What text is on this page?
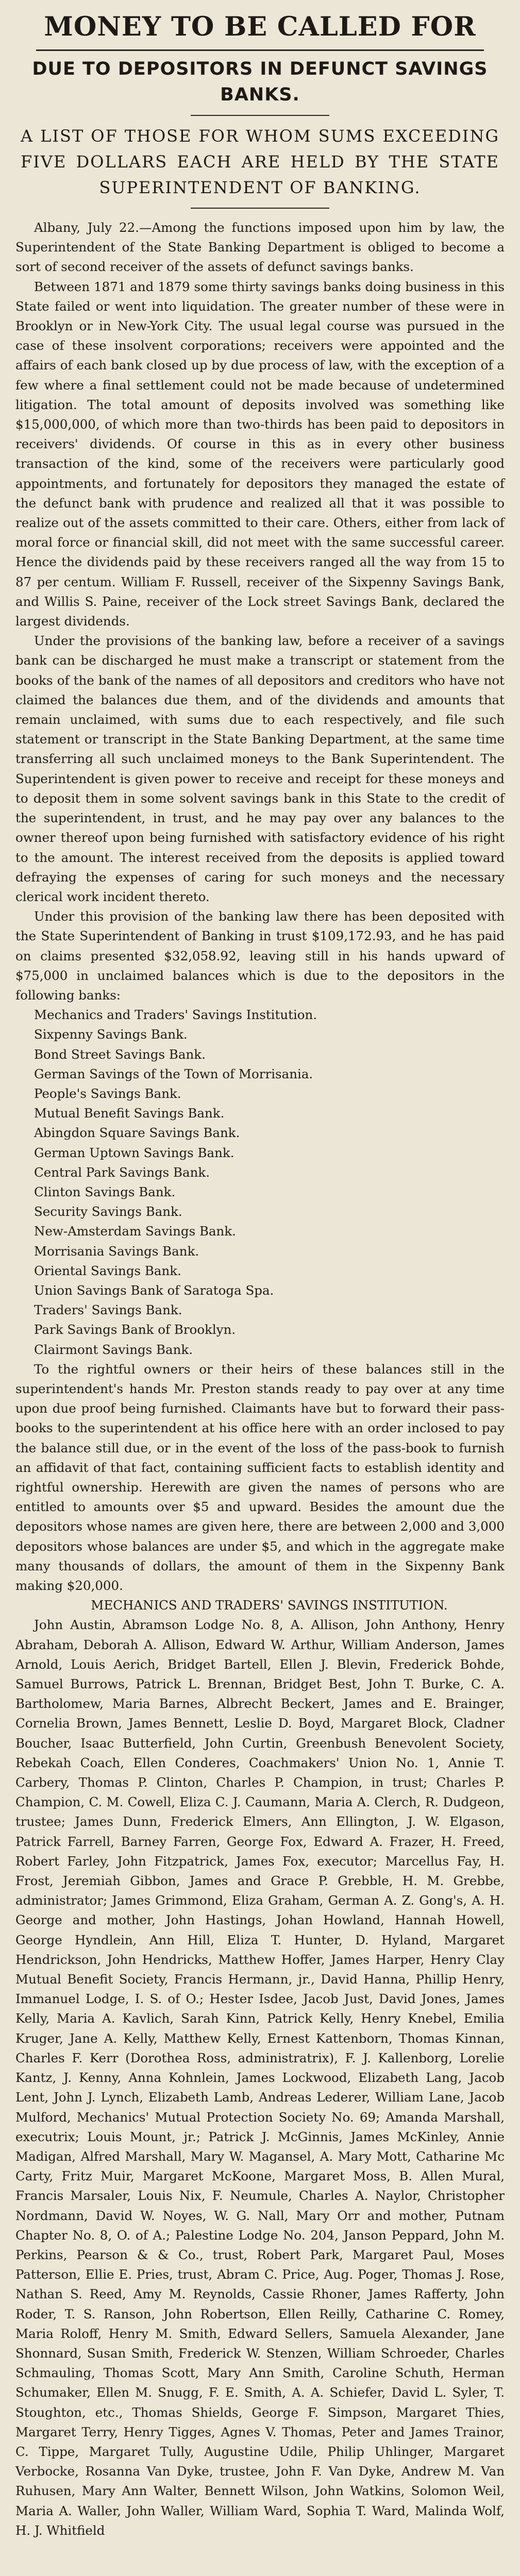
MONEY TO BE CALLED FOR
DUE TO DEPOSITORS IN DEFUNCT SAVINGS BANKS.
A LIST OF THOSE FOR WHOM SUMS EXCEEDING FIVE DOLLARS EACH ARE HELD BY THE STATE SUPERINTENDENT OF BANKING.

Albany, July 22.—Among the functions imposed upon him by law, the Superintendent of the State Banking Department is obliged to become a sort of second receiver of the assets of defunct savings banks.

Between 1871 and 1879 some thirty savings banks doing business in this State failed or went into liquidation. The greater number of these were in Brooklyn or in New-York City. The usual legal course was pursued in the case of these insolvent corporations; receivers were appointed and the affairs of each bank closed up by due process of law, with the exception of a few where a final settlement could not be made because of undetermined litigation. The total amount of deposits involved was something like $15,000,000, of which more than two-thirds has been paid to depositors in receivers' dividends. Of course in this as in every other business transaction of the kind, some of the receivers were particularly good appointments, and fortunately for depositors they managed the estate of the defunct bank with prudence and realized all that it was possible to realize out of the assets committed to their care. Others, either from lack of moral force or financial skill, did not meet with the same successful career. Hence the dividends paid by these receivers ranged all the way from 15 to 87 per centum. William F. Russell, receiver of the Sixpenny Savings Bank, and Willis S. Paine, receiver of the Lock street Savings Bank, declared the largest dividends.

Under the provisions of the banking law, before a receiver of a savings bank can be discharged he must make a transcript or statement from the books of the bank of the names of all depositors and creditors who have not claimed the balances due them, and of the dividends and amounts that remain unclaimed, with sums due to each respectively, and file such statement or transcript in the State Banking Department, at the same time transferring all such unclaimed moneys to the Bank Superintendent. The Superintendent is given power to receive and receipt for these moneys and to deposit them in some solvent savings bank in this State to the credit of the superintendent, in trust, and he may pay over any balances to the owner thereof upon being furnished with satisfactory evidence of his right to the amount. The interest received from the deposits is applied toward defraying the expenses of caring for such moneys and the necessary clerical work incident thereto.

Under this provision of the banking law there has been deposited with the State Superintendent of Banking in trust $109,172.93, and he has paid on claims presented $32,058.92, leaving still in his hands upward of $75,000 in unclaimed balances which is due to the depositors in the following banks:

Mechanics and Traders' Savings Institution.

Sixpenny Savings Bank.

Bond Street Savings Bank.

German Savings of the Town of Morrisania.

People's Savings Bank.

Mutual Benefit Savings Bank.

Abingdon Square Savings Bank.

German Uptown Savings Bank.

Central Park Savings Bank.

Clinton Savings Bank.

Security Savings Bank.

New-Amsterdam Savings Bank.

Morrisania Savings Bank.

Oriental Savings Bank.

Union Savings Bank of Saratoga Spa.

Traders' Savings Bank.

Park Savings Bank of Brooklyn.

Clairmont Savings Bank.

To the rightful owners or their heirs of these balances still in the superintendent's hands Mr. Preston stands ready to pay over at any time upon due proof being furnished. Claimants have but to forward their pass-books to the superintendent at his office here with an order inclosed to pay the balance still due, or in the event of the loss of the pass-book to furnish an affidavit of that fact, containing sufficient facts to establish identity and rightful ownership. Herewith are given the names of persons who are entitled to amounts over $5 and upward. Besides the amount due the depositors whose names are given here, there are between 2,000 and 3,000 depositors whose balances are under $5, and which in the aggregate make many thousands of dollars, the amount of them in the Sixpenny Bank making $20,000.

MECHANICS AND TRADERS' SAVINGS INSTITUTION.

John Austin, Abramson Lodge No. 8, A. Allison, John Anthony, Henry Abraham, Deborah A. Allison, Edward W. Arthur, William Anderson, James Arnold, Louis Aerich, Bridget Bartell, Ellen J. Blevin, Frederick Bohde, Samuel Burrows, Patrick L. Brennan, Bridget Best, John T. Burke, C. A. Bartholomew, Maria Barnes, Albrecht Beckert, James and E. Brainger, Cornelia Brown, James Bennett, Leslie D. Boyd, Margaret Block, Cladner Boucher, Isaac Butterfield, John Curtin, Greenbush Benevolent Society, Rebekah Coach, Ellen Conderes, Coachmakers' Union No. 1, Annie T. Carbery, Thomas P. Clinton, Charles P. Champion, in trust; Charles P. Champion, C. M. Cowell, Eliza C. J. Caumann, Maria A. Clerch, R. Dudgeon, trustee; James Dunn, Frederick Elmers, Ann Ellington, J. W. Elgason, Patrick Farrell, Barney Farren, George Fox, Edward A. Frazer, H. Freed, Robert Farley, John Fitzpatrick, James Fox, executor; Marcellus Fay, H. Frost, Jeremiah Gibbon, James and Grace P. Grebble, H. M. Grebbe, administrator; James Grimmond, Eliza Graham, German A. Z. Gong's, A. H. George and mother, John Hastings, Johan Howland, Hannah Howell, George Hyndlein, Ann Hill, Eliza T. Hunter, D. Hyland, Margaret Hendrickson, John Hendricks, Matthew Hoffer, James Harper, Henry Clay Mutual Benefit Society, Francis Hermann, jr., David Hanna, Phillip Henry, Immanuel Lodge, I. S. of O.; Hester Isdee, Jacob Just, David Jones, James Kelly, Maria A. Kavlich, Sarah Kinn, Patrick Kelly, Henry Knebel, Emilia Kruger, Jane A. Kelly, Matthew Kelly, Ernest Kattenborn, Thomas Kinnan, Charles F. Kerr (Dorothea Ross, administratrix), F. J. Kallenborg, Lorelie Kantz, J. Kenny, Anna Kohnlein, James Lockwood, Elizabeth Lang, Jacob Lent, John J. Lynch, Elizabeth Lamb, Andreas Lederer, William Lane, Jacob Mulford, Mechanics' Mutual Protection Society No. 69; Amanda Marshall, executrix; Louis Mount, jr.; Patrick J. McGinnis, James McKinley, Annie Madigan, Alfred Marshall, Mary W. Magansel, A. Mary Mott, Catharine Mc Carty, Fritz Muir, Margaret McKoone, Margaret Moss, B. Allen Mural, Francis Marsaler, Louis Nix, F. Neumule, Charles A. Naylor, Christopher Nordmann, David W. Noyes, W. G. Nall, Mary Orr and mother, Putnam Chapter No. 8, O. of A.; Palestine Lodge No. 204, Janson Peppard, John M. Perkins, Pearson & & Co., trust, Robert Park, Margaret Paul, Moses Patterson, Ellie E. Pries, trust, Abram C. Price, Aug. Poger, Thomas J. Rose, Nathan S. Reed, Amy M. Reynolds, Cassie Rhoner, James Rafferty, John Roder, T. S. Ranson, John Robertson, Ellen Reilly, Catharine C. Romey, Maria Roloff, Henry M. Smith, Edward Sellers, Samuela Alexander, Jane Shonnard, Susan Smith, Frederick W. Stenzen, William Schroeder, Charles Schmauling, Thomas Scott, Mary Ann Smith, Caroline Schuth, Herman Schumaker, Ellen M. Snugg, F. E. Smith, A. A. Schiefer, David L. Syler, T. Stoughton, etc., Thomas Shields, George F. Simpson, Margaret Thies, Margaret Terry, Henry Tigges, Agnes V. Thomas, Peter and James Trainor, C. Tippe, Margaret Tully, Augustine Udile, Philip Uhlinger, Margaret Verbocke, Rosanna Van Dyke, trustee, John F. Van Dyke, Andrew M. Van Ruhusen, Mary Ann Walter, Bennett Wilson, John Watkins, Solomon Weil, Maria A. Waller, John Waller, William Ward, Sophia T. Ward, Malinda Wolf, H. J. Whitfield
